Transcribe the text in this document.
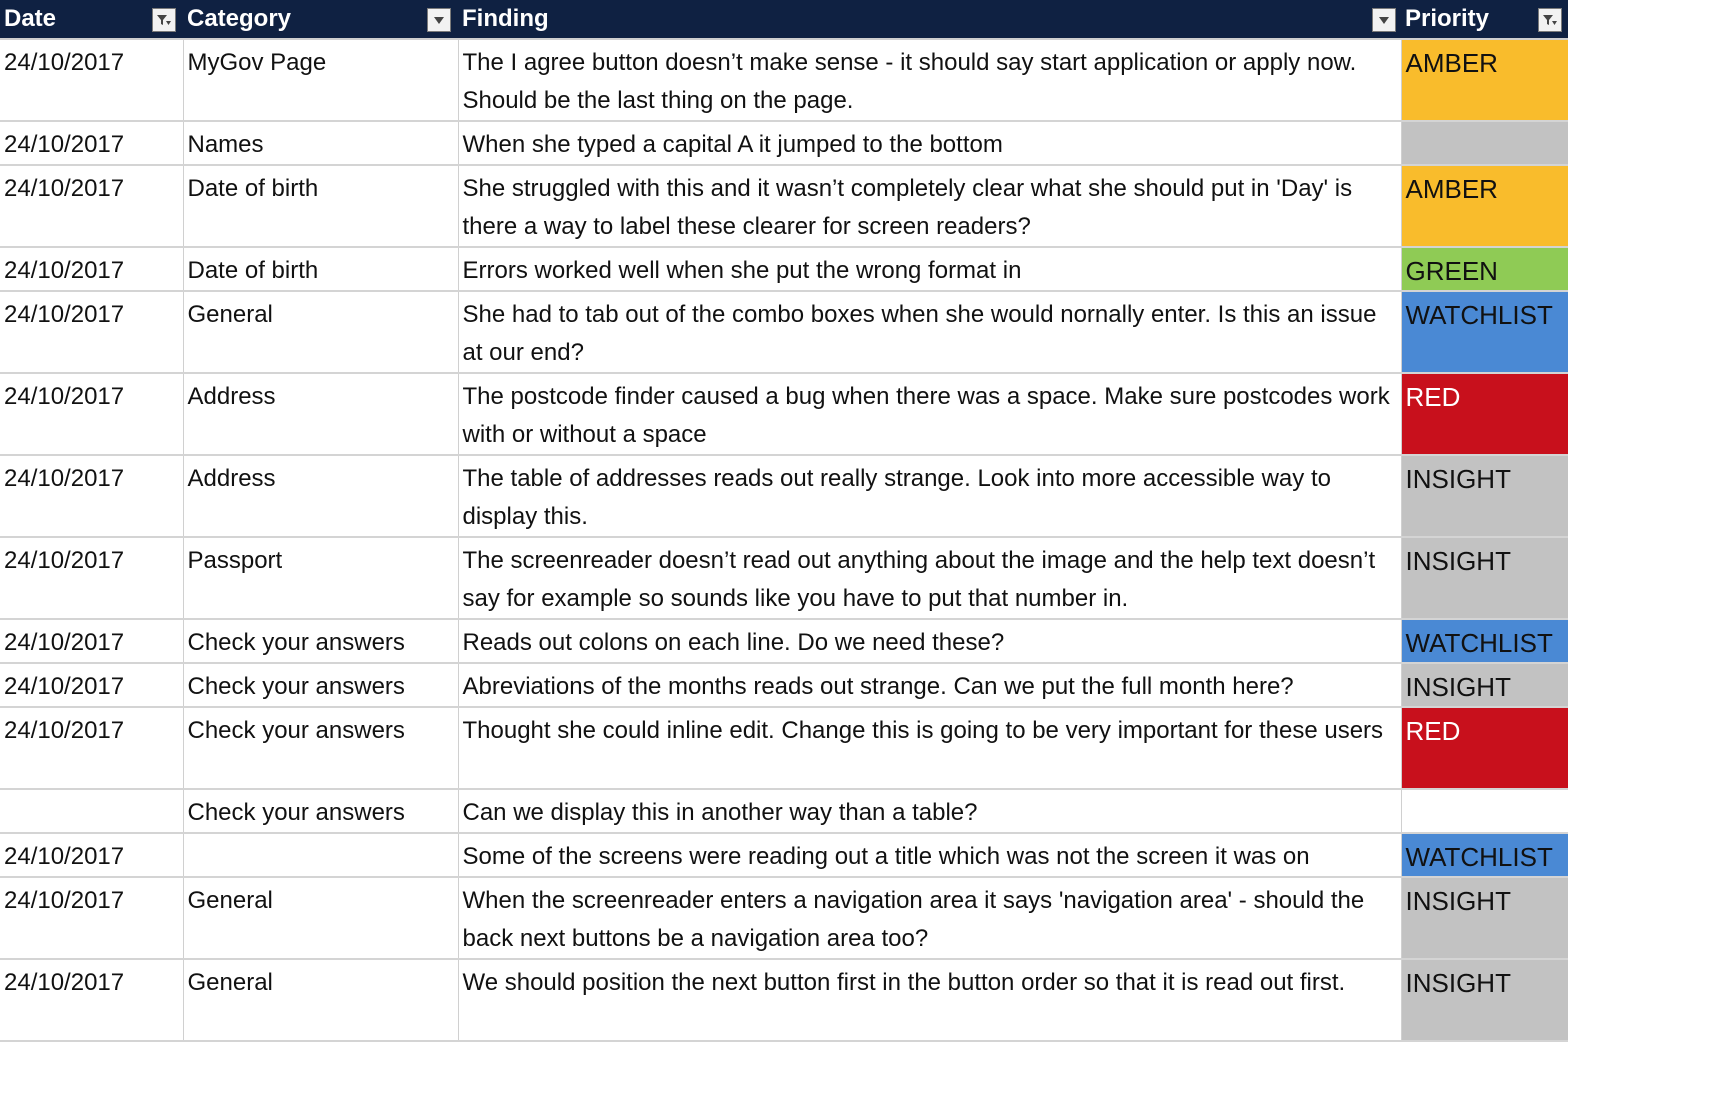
Date	Category	Finding	Priority

24/10/2017	MyGov Page	The I agree button doesn’t make sense - it should say start application or apply now. Should be the last thing on the page.	AMBER
24/10/2017	Names	When she typed a capital A it jumped to the bottom	
24/10/2017	Date of birth	She struggled with this and it wasn’t completely clear what she should put in 'Day' is there a way to label these clearer for screen readers?	AMBER
24/10/2017	Date of birth	Errors worked well when she put the wrong format in	GREEN
24/10/2017	General	She had to tab out of the combo boxes when she would nornally enter. Is this an issue at our end?	WATCHLIST
24/10/2017	Address	The postcode finder caused a bug when there was a space. Make sure postcodes work with or without a space	RED
24/10/2017	Address	The table of addresses reads out really strange. Look into more accessible way to display this.	INSIGHT
24/10/2017	Passport	The screenreader doesn’t read out anything about the image and the help text doesn’t say for example so sounds like you have to put that number in.	INSIGHT
24/10/2017	Check your answers	Reads out colons on each line. Do we need these?	WATCHLIST
24/10/2017	Check your answers	Abreviations of the months reads out strange. Can we put the full month here?	INSIGHT
24/10/2017	Check your answers	Thought she could inline edit. Change this is going to be very important for these users	RED
	Check your answers	Can we display this in another way than a table?	
24/10/2017		Some of the screens were reading out a title which was not the screen it was on	WATCHLIST
24/10/2017	General	When the screenreader enters a navigation area it says 'navigation area' - should the back next buttons be a navigation area too?	INSIGHT
24/10/2017	General	We should position the next button first in the button order so that it is read out first.	INSIGHT
